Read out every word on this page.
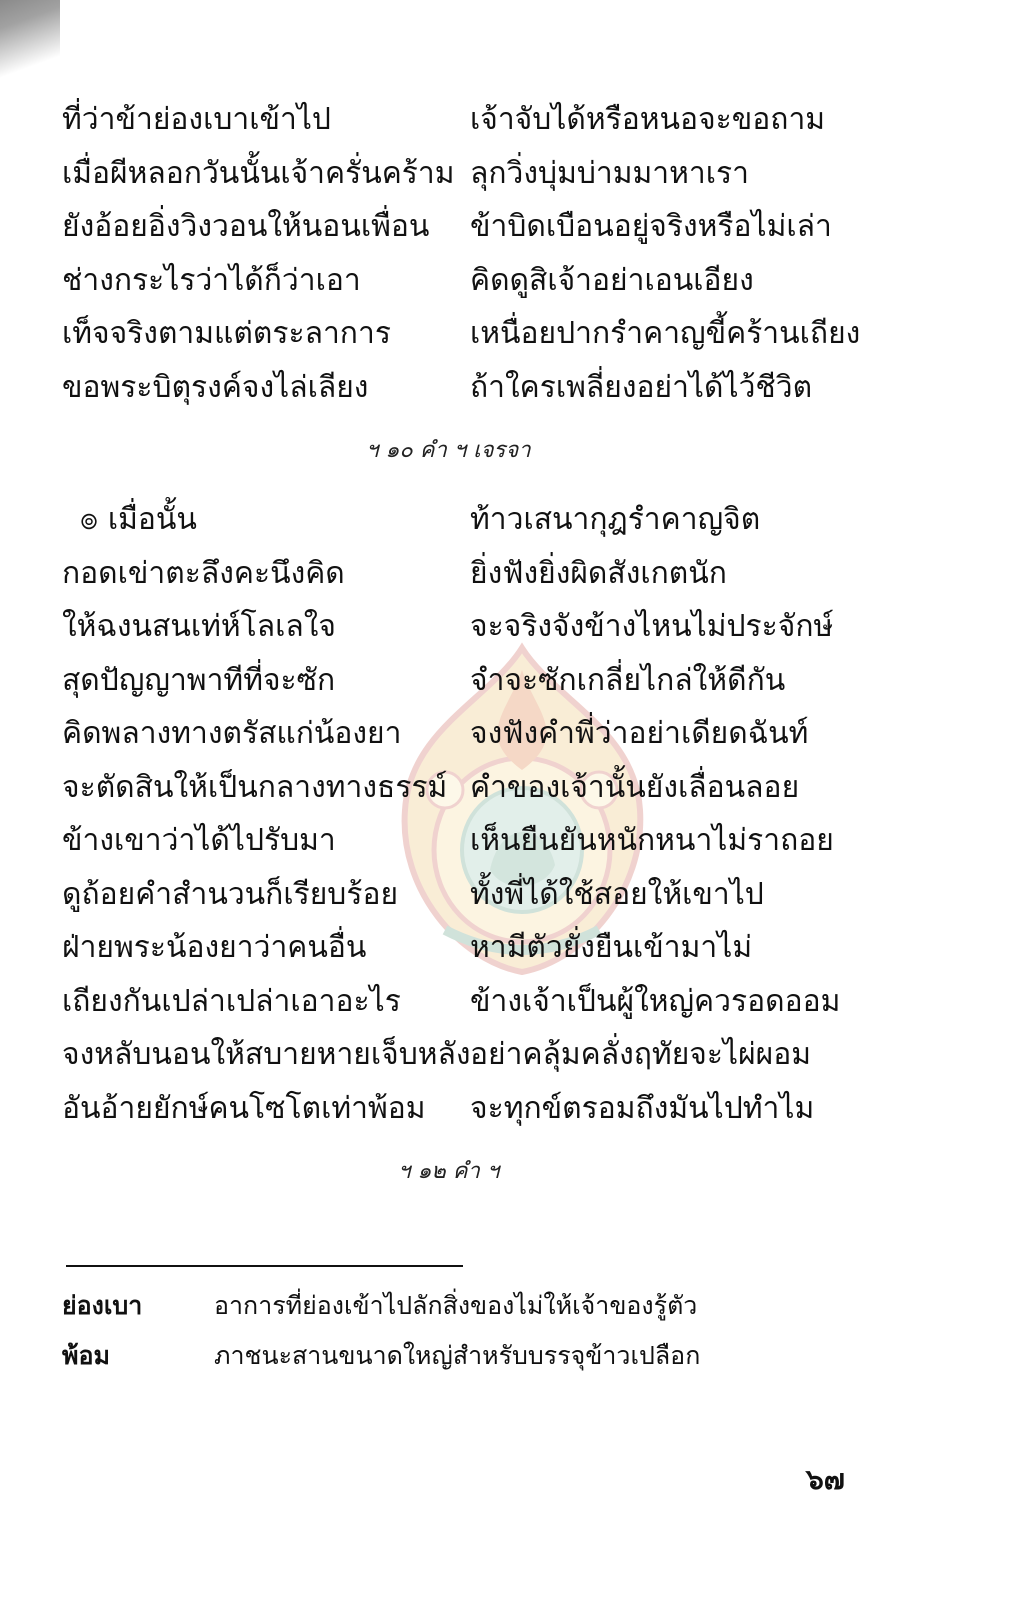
ที่ว่าข้าย่องเบาเข้าไป	เจ้าจับได้หรือหนอจะขอถาม
เมื่อผีหลอกวันนั้นเจ้าครั่นคร้าม ลุกวิ่งบุ่มบ่ามมาหาเรา
ยังอ้อยอิ่งวิงวอนให้นอนเพื่อน ข้าบิดเบือนอยู่จริงหรือไม่เล่า
ช่างกระไรว่าได้ก็ว่าเอา	คิดดูสิเจ้าอย่าเอนเอียง
เท็จจริงตามแต่ตระลาการ	เหนื่อยปากรำคาญขี้คร้านเถียง
ขอพระบิตุรงค์จงไล่เลียง	ถ้าใครเพลี่ยงอย่าได้ไว้ชีวิต
ฯ ๑๐ คำ ฯ เจรจา
๏ เมื่อนั้น	ท้าวเสนากุฎรำคาญจิต
กอดเข่าตะลึงคะนึงคิด	ยิ่งฟังยิ่งผิดสังเกตนัก
ให้ฉงนสนเท่ห์โลเลใจ	จะจริงจังข้างไหนไม่ประจักษ์
สุดปัญญาพาทีที่จะซัก	จำจะซักเกลี่ยไกล่ให้ดีกัน
คิดพลางทางตรัสแก่น้องยา จงฟังคำพี่ว่าอย่าเดียดฉันท์
จะตัดสินให้เป็นกลางทางธรรม์ คำของเจ้านั้นยังเลื่อนลอย
ข้างเขาว่าได้ไปรับมา	เห็นยืนยันหนักหนาไม่ราถอย
ดูถ้อยคำสำนวนก็เรียบร้อย ทั้งพี่ได้ใช้สอยให้เขาไป
ฝ่ายพระน้องยาว่าคนอื่น	หามีตัวยั่งยืนเข้ามาไม่
เถียงกันเปล่าเปล่าเอาอะไร ข้างเจ้าเป็นผู้ใหญ่ควรอดออม
จงหลับนอนให้สบายหายเจ็บหลัง อย่าคลุ้มคลั่งฤทัยจะไผ่ผอม
อันอ้ายยักษ์คนโซโตเท่าพ้อม จะทุกข์ตรอมถึงมันไปทำไม
ฯ ๑๒ คำ ฯ
ย่องเบา	อาการที่ย่องเข้าไปลักสิ่งของไม่ให้เจ้าของรู้ตัว
พ้อม	ภาชนะสานขนาดใหญ่สำหรับบรรจุข้าวเปลือก
๖๗
